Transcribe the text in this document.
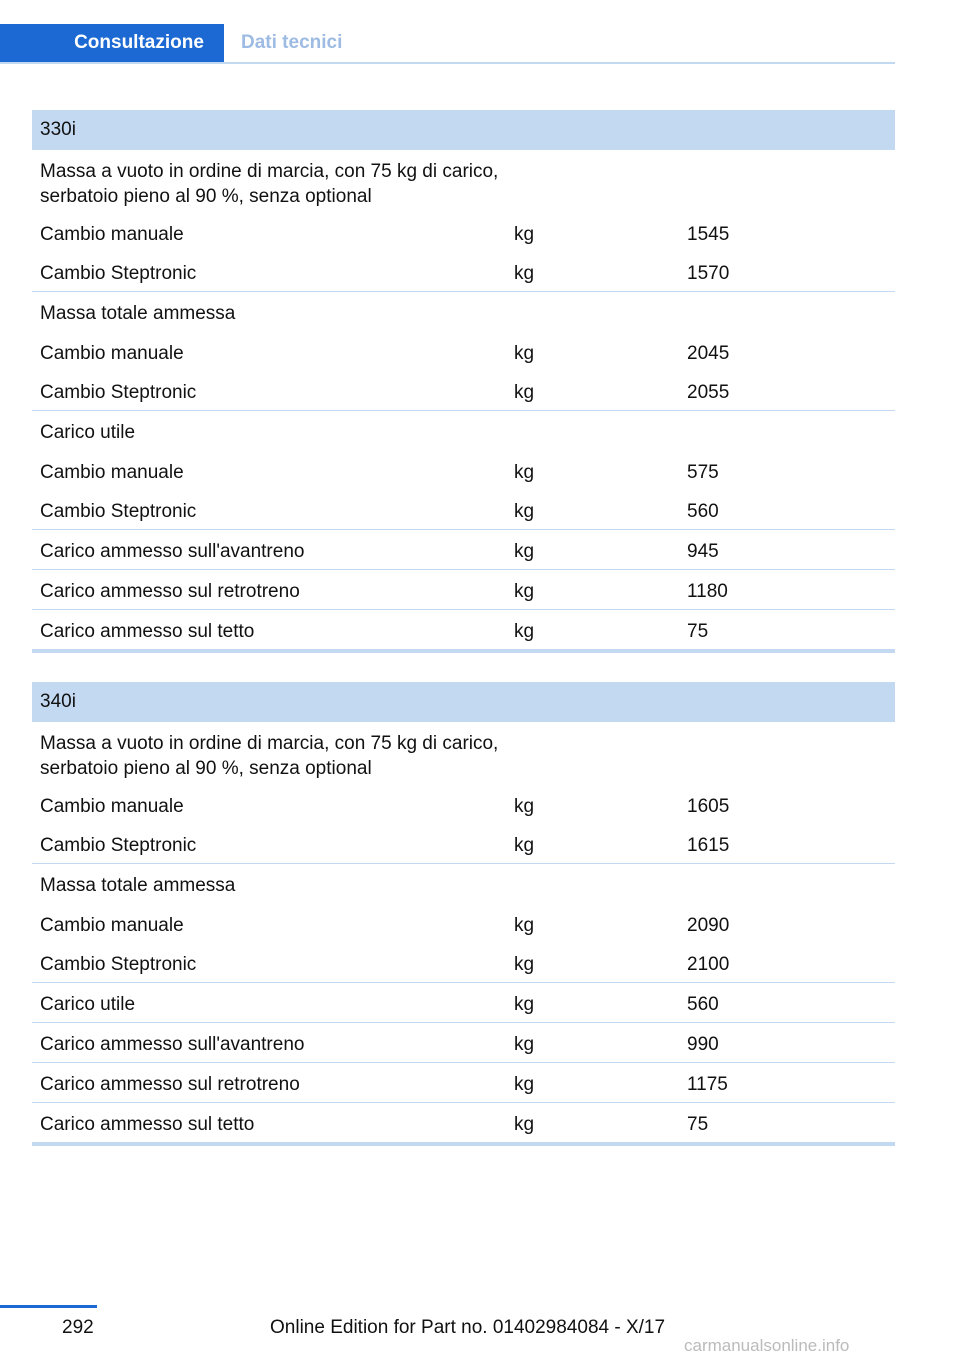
Consultazione	Dati tecnici
330i
Massa a vuoto in ordine di marcia, con 75 kg di carico, serbatoio pieno al 90 %, senza optional
Cambio manuale	kg	1545
Cambio Steptronic	kg	1570
Massa totale ammessa
Cambio manuale	kg	2045
Cambio Steptronic	kg	2055
Carico utile
Cambio manuale	kg	575
Cambio Steptronic	kg	560
Carico ammesso sull'avantreno	kg	945
Carico ammesso sul retrotreno	kg	1180
Carico ammesso sul tetto	kg	75
340i
Massa a vuoto in ordine di marcia, con 75 kg di carico, serbatoio pieno al 90 %, senza optional
Cambio manuale	kg	1605
Cambio Steptronic	kg	1615
Massa totale ammessa
Cambio manuale	kg	2090
Cambio Steptronic	kg	2100
Carico utile	kg	560
Carico ammesso sull'avantreno	kg	990
Carico ammesso sul retrotreno	kg	1175
Carico ammesso sul tetto	kg	75
292	Online Edition for Part no. 01402984084 - X/17
carmanualsonline.info
